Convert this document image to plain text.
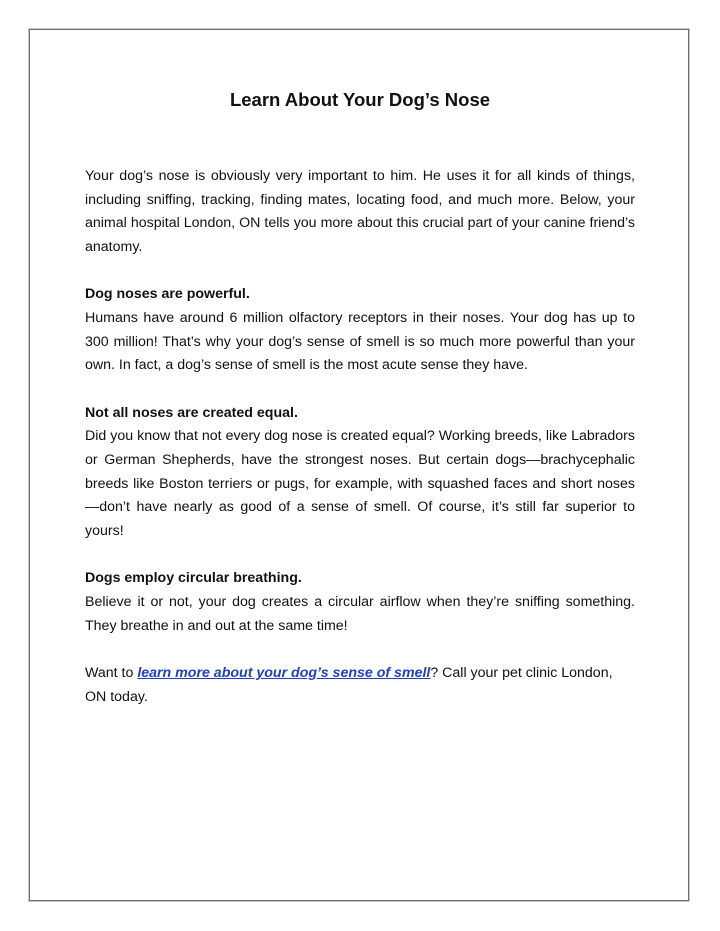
Learn About Your Dog’s Nose

Your dog’s nose is obviously very important to him. He uses it for all kinds of things, including sniffing, tracking, finding mates, locating food, and much more. Below, your animal hospital London, ON tells you more about this crucial part of your canine friend’s anatomy.

Dog noses are powerful.

Humans have around 6 million olfactory receptors in their noses. Your dog has up to 300 million! That’s why your dog’s sense of smell is so much more powerful than your own. In fact, a dog’s sense of smell is the most acute sense they have.

Not all noses are created equal.

Did you know that not every dog nose is created equal? Working breeds, like Labradors or German Shepherds, have the strongest noses. But certain dogs—brachycephalic breeds like Boston terriers or pugs, for example, with squashed faces and short noses—don’t have nearly as good of a sense of smell. Of course, it’s still far superior to yours!

Dogs employ circular breathing.

Believe it or not, your dog creates a circular airflow when they’re sniffing something. They breathe in and out at the same time!

Want to learn more about your dog’s sense of smell? Call your pet clinic London, ON today.
